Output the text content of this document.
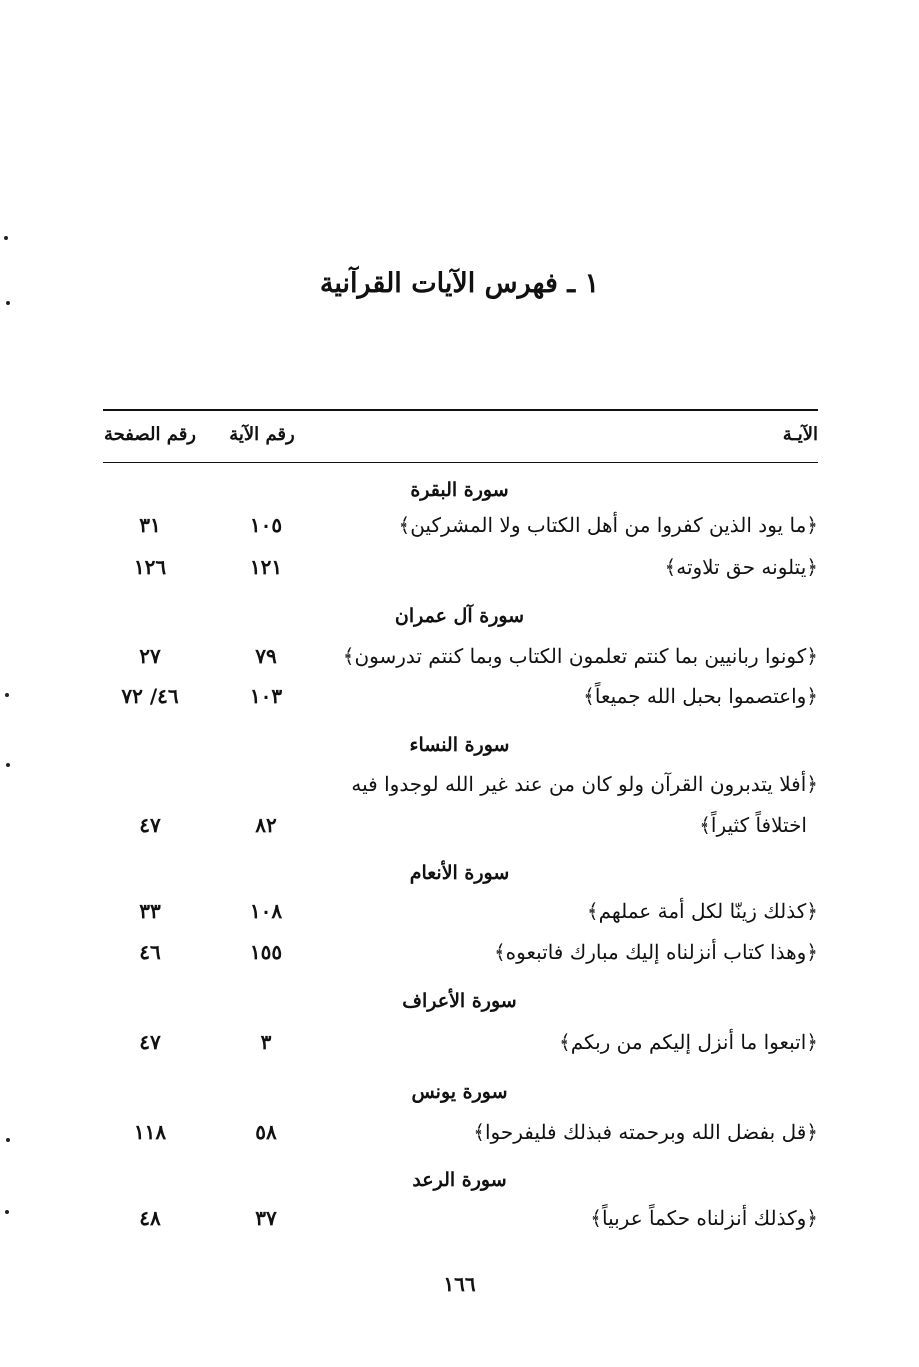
١ ـ فهرس الآيات القرآنية
الآيـة
رقم الآية
رقم الصفحة
سورة البقرة
﴿ما يود الذين كفروا من أهل الكتاب ولا المشركين﴾
١٠٥
٣١
﴿يتلونه حق تلاوته﴾
١٢١
١٢٦
سورة آل عمران
﴿كونوا ربانيين بما كنتم تعلمون الكتاب وبما كنتم تدرسون﴾
٧٩
٢٧
﴿واعتصموا بحبل الله جميعاً﴾
١٠٣
٤٦/ ٧٢
سورة النساء
﴿أفلا يتدبرون القرآن ولو كان من عند غير الله لوجدوا فيه
اختلافاً كثيراً﴾
٨٢
٤٧
سورة الأنعام
﴿كذلك زينّا لكل أمة عملهم﴾
١٠٨
٣٣
﴿وهذا كتاب أنزلناه إليك مبارك فاتبعوه﴾
١٥٥
٤٦
سورة الأعراف
﴿اتبعوا ما أنزل إليكم من ربكم﴾
٣
٤٧
سورة يونس
﴿قل بفضل الله وبرحمته فبذلك فليفرحوا﴾
٥٨
١١٨
سورة الرعد
﴿وكذلك أنزلناه حكماً عربياً﴾
٣٧
٤٨
١٦٦
